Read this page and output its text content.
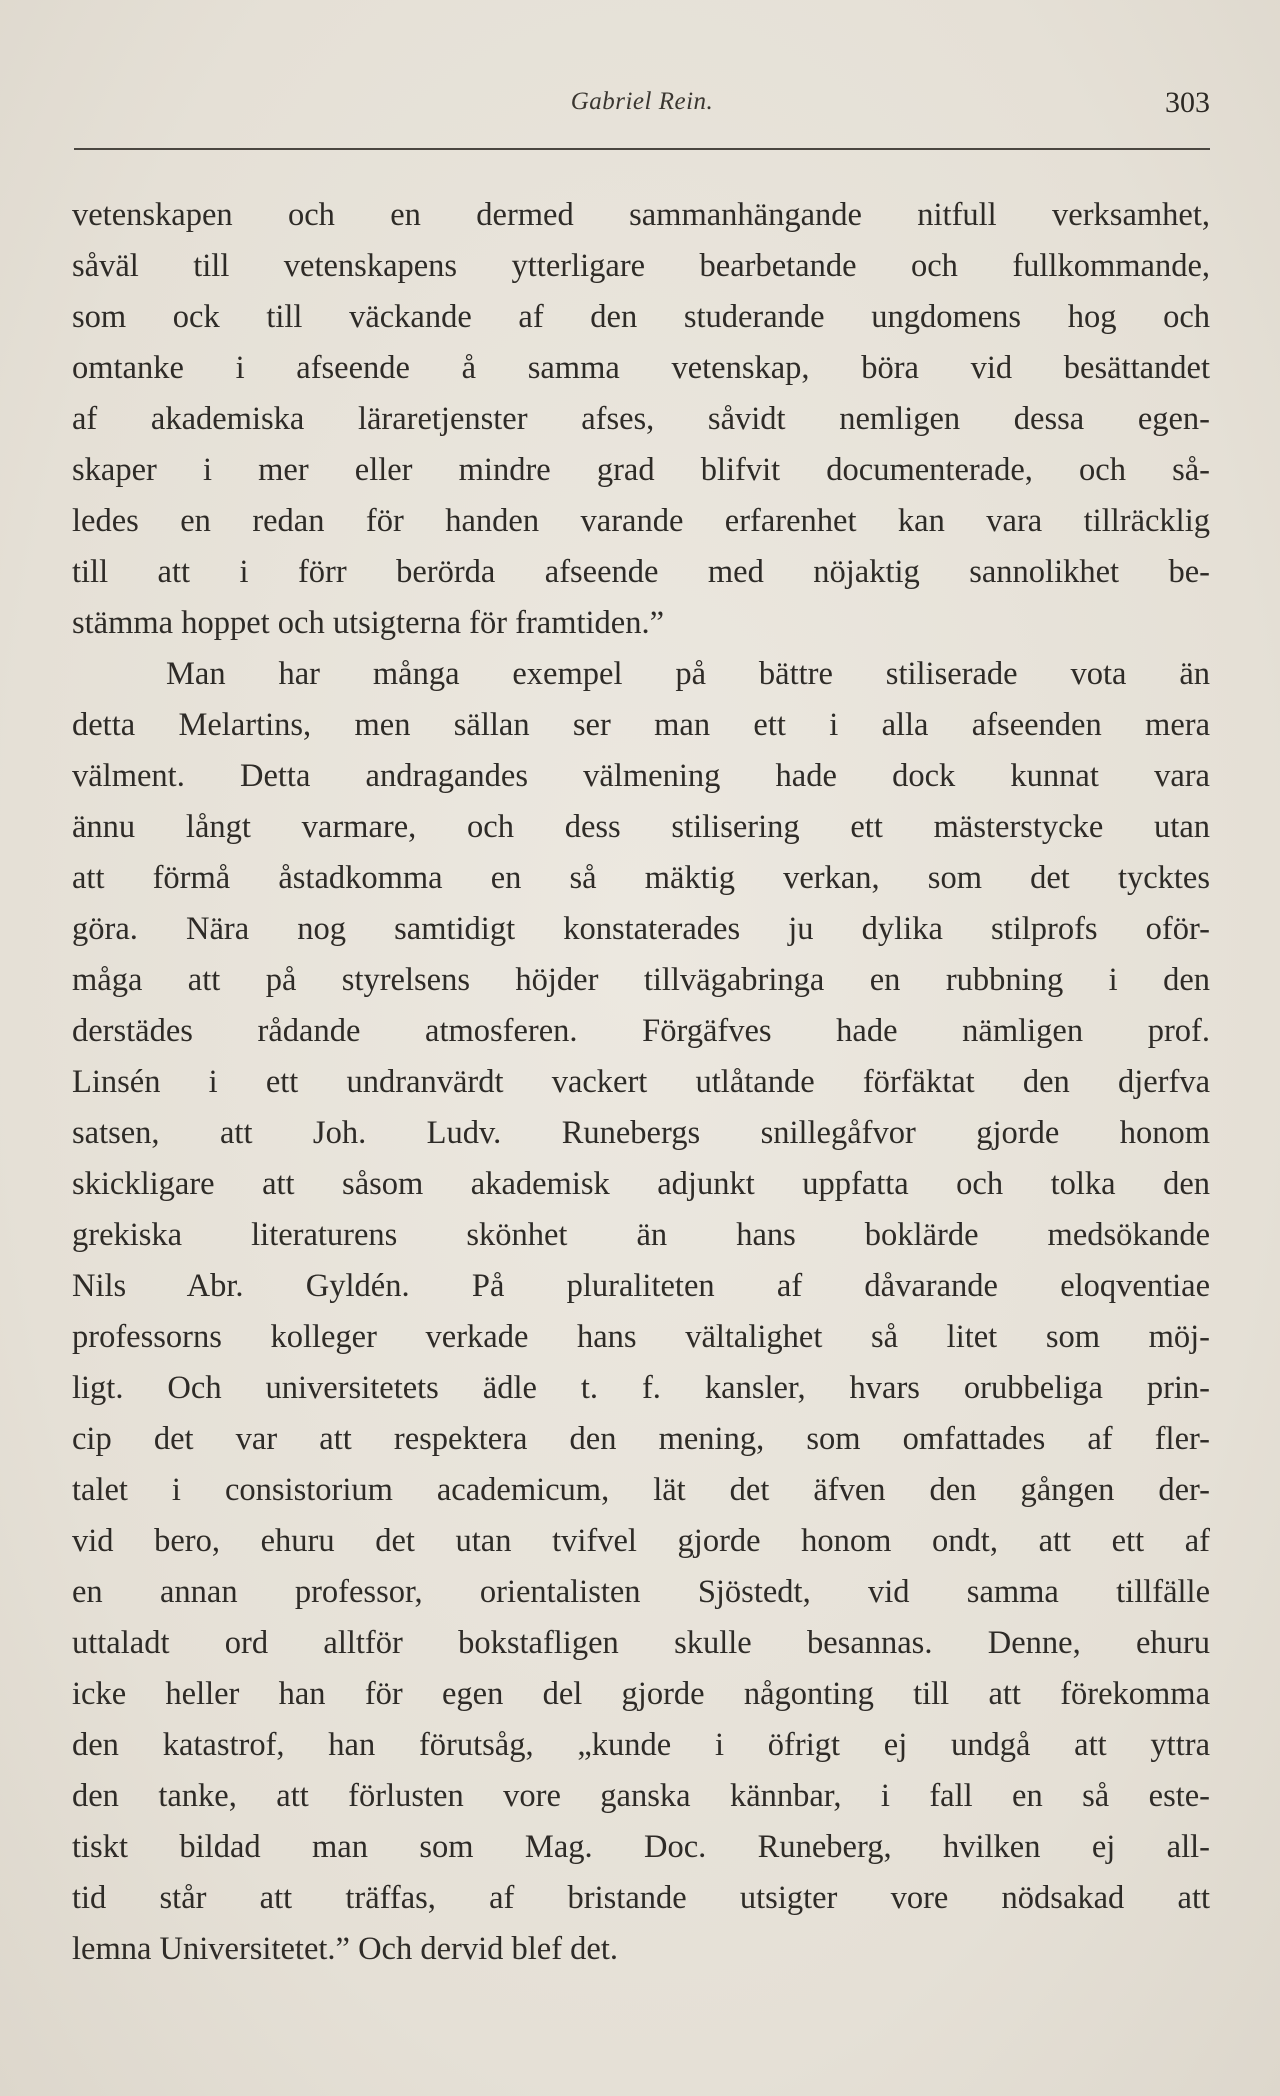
Gabriel Rein.	303
vetenskapen och en dermed sammanhängande nitfull verksamhet,
såväl till vetenskapens ytterligare bearbetande och fullkommande,
som ock till väckande af den studerande ungdomens hog och
omtanke i afseende å samma vetenskap, böra vid besättandet
af akademiska läraretjenster afses, såvidt nemligen dessa egen-
skaper i mer eller mindre grad blifvit documenterade, och så-
ledes en redan för handen varande erfarenhet kan vara tillräcklig
till att i förr berörda afseende med nöjaktig sannolikhet be-
stämma hoppet och utsigterna för framtiden.”
Man har många exempel på bättre stiliserade vota än
detta Melartins, men sällan ser man ett i alla afseenden mera
välment. Detta andragandes välmening hade dock kunnat vara
ännu långt varmare, och dess stilisering ett mästerstycke utan
att förmå åstadkomma en så mäktig verkan, som det tycktes
göra. Nära nog samtidigt konstaterades ju dylika stilprofs oför-
måga att på styrelsens höjder tillvägabringa en rubbning i den
derstädes rådande atmosferen. Förgäfves hade nämligen prof.
Linsén i ett undranvärdt vackert utlåtande förfäktat den djerfva
satsen, att Joh. Ludv. Runebergs snillegåfvor gjorde honom
skickligare att såsom akademisk adjunkt uppfatta och tolka den
grekiska literaturens skönhet än hans boklärde medsökande
Nils Abr. Gyldén. På pluraliteten af dåvarande eloqventiae
professorns kolleger verkade hans vältalighet så litet som möj-
ligt. Och universitetets ädle t. f. kansler, hvars orubbeliga prin-
cip det var att respektera den mening, som omfattades af fler-
talet i consistorium academicum, lät det äfven den gången der-
vid bero, ehuru det utan tvifvel gjorde honom ondt, att ett af
en annan professor, orientalisten Sjöstedt, vid samma tillfälle
uttaladt ord alltför bokstafligen skulle besannas. Denne, ehuru
icke heller han för egen del gjorde någonting till att förekomma
den katastrof, han förutsåg, „kunde i öfrigt ej undgå att yttra
den tanke, att förlusten vore ganska kännbar, i fall en så este-
tiskt bildad man som Mag. Doc. Runeberg, hvilken ej all-
tid står att träffas, af bristande utsigter vore nödsakad att
lemna Universitetet.” Och dervid blef det.
